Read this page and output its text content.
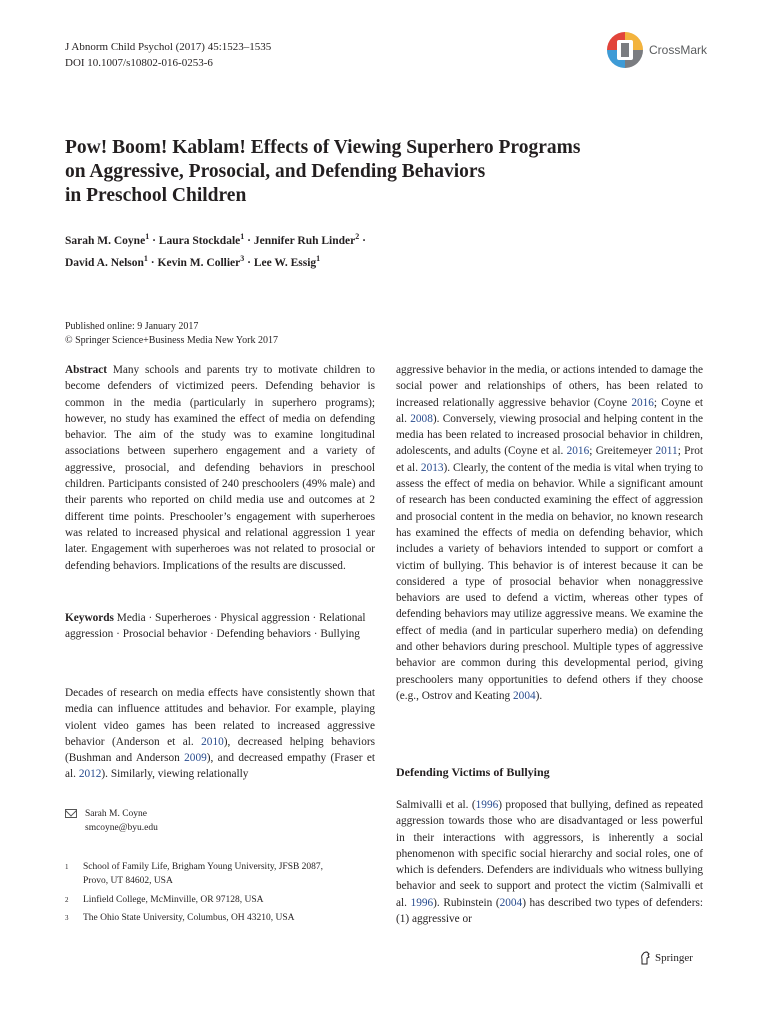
J Abnorm Child Psychol (2017) 45:1523–1535
DOI 10.1007/s10802-016-0253-6
CrossMark
Pow! Boom! Kablam! Effects of Viewing Superhero Programs
on Aggressive, Prosocial, and Defending Behaviors
in Preschool Children
Sarah M. Coyne$^1$ · Laura Stockdale$^1$ · Jennifer Ruh Linder$^2$ ·
David A. Nelson$^1$ · Kevin M. Collier$^3$ · Lee W. Essig$^1$
Published online: 9 January 2017
© Springer Science+Business Media New York 2017
Abstract Many schools and parents try to motivate children to become defenders of victimized peers. Defending behavior is common in the media (particularly in superhero programs); however, no study has examined the effect of media on defending behavior. The aim of the study was to examine longitudinal associations between superhero engagement and a variety of aggressive, prosocial, and defending behaviors in preschool children. Participants consisted of 240 preschoolers (49% male) and their parents who reported on child media use and outcomes at 2 different time points. Preschooler’s engagement with superheroes was related to increased physical and relational aggression 1 year later. Engagement with superheroes was not related to prosocial or defending behaviors. Implications of the results are discussed.
Keywords Media · Superheroes · Physical aggression · Relational aggression · Prosocial behavior · Defending behaviors · Bullying
Decades of research on media effects have consistently shown that media can influence attitudes and behavior. For example, playing violent video games has been related to increased aggressive behavior (Anderson et al. 2010), decreased helping behaviors (Bushman and Anderson 2009), and decreased empathy (Fraser et al. 2012). Similarly, viewing relationally
Sarah M. Coyne
smcoyne@byu.edu
1 School of Family Life, Brigham Young University, JFSB 2087,
Provo, UT 84602, USA
2 Linfield College, McMinville, OR 97128, USA
3 The Ohio State University, Columbus, OH 43210, USA
aggressive behavior in the media, or actions intended to damage the social power and relationships of others, has been related to increased relationally aggressive behavior (Coyne 2016; Coyne et al. 2008). Conversely, viewing prosocial and helping content in the media has been related to increased prosocial behavior in children, adolescents, and adults (Coyne et al. 2016; Greitemeyer 2011; Prot et al. 2013). Clearly, the content of the media is vital when trying to assess the effect of media on behavior. While a significant amount of research has been conducted examining the effect of aggression and prosocial content in the media on behavior, no known research has examined the effects of media on defending behavior, which includes a variety of behaviors intended to support or comfort a victim of bullying. This behavior is of interest because it can be considered a type of prosocial behavior when nonaggressive behaviors are used to defend a victim, whereas other types of defending behaviors may utilize aggressive means. We examine the effect of media (and in particular superhero media) on defending and other behaviors during preschool. Multiple types of aggressive behavior are common during this developmental period, giving preschoolers many opportunities to defend others if they choose (e.g., Ostrov and Keating 2004).
Defending Victims of Bullying
Salmivalli et al. (1996) proposed that bullying, defined as repeated aggression towards those who are disadvantaged or less powerful in their interactions with aggressors, is inherently a social phenomenon with specific social hierarchy and social roles, one of which is defenders. Defenders are individuals who witness bullying behavior and seek to support and protect the victim (Salmivalli et al. 1996). Rubinstein (2004) has described two types of defenders: (1) aggressive or
Springer
